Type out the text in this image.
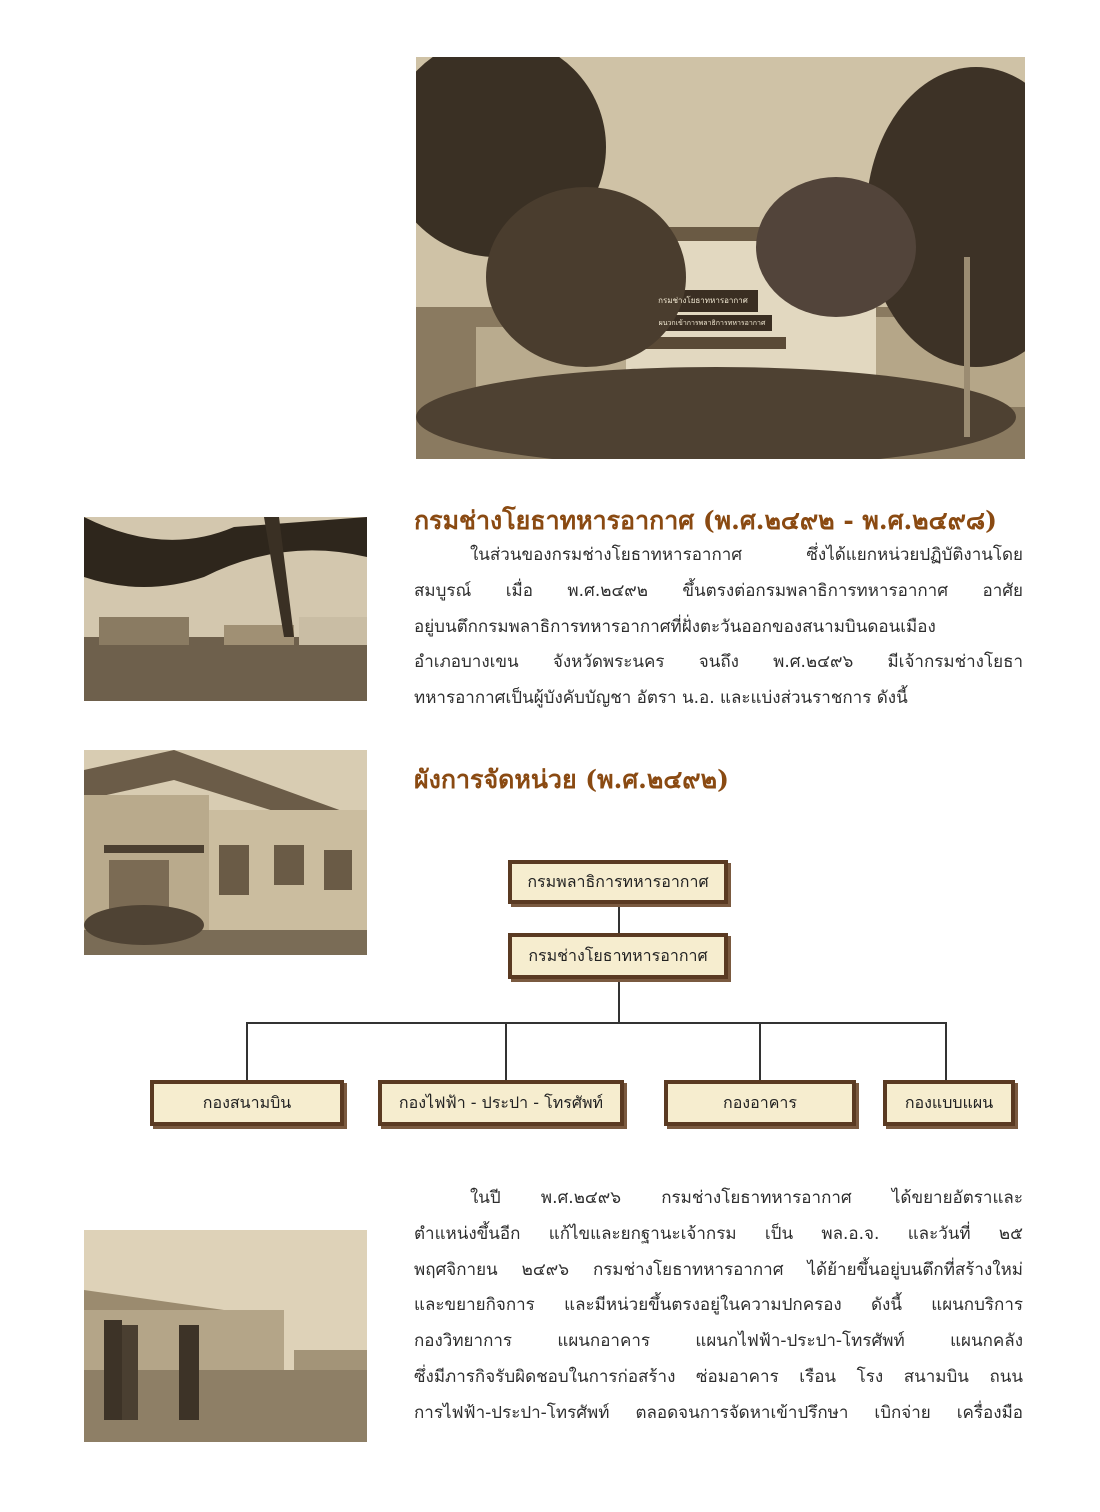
กรมช่างโยธาทหารอากาศ
ผนวกเข้าการพลาธิการทหารอากาศ
กรมช่างโยธาทหารอากาศ (พ.ศ.๒๔๙๒ - พ.ศ.๒๔๙๘)

ในส่วนของกรมช่างโยธาทหารอากาศ ซึ่งได้แยกหน่วยปฏิบัติงานโดย

สมบูรณ์ เมื่อ พ.ศ.๒๔๙๒ ขึ้นตรงต่อกรมพลาธิการทหารอากาศ อาศัย

อยู่บนตึกกรมพลาธิการทหารอากาศที่ฝั่งตะวันออกของสนามบินดอนเมือง

อำเภอบางเขน จังหวัดพระนคร จนถึง พ.ศ.๒๔๙๖ มีเจ้ากรมช่างโยธา

ทหารอากาศเป็นผู้บังคับบัญชา อัตรา น.อ. และแบ่งส่วนราชการ ดังนี้

ผังการจัดหน่วย (พ.ศ.๒๔๙๒)
กรมพลาธิการทหารอากาศ
กรมช่างโยธาทหารอากาศ
กองสนามบิน	กองไฟฟ้า - ประปา - โทรศัพท์	กองอาคาร	กองแบบแผน

ในปี พ.ศ.๒๔๙๖ กรมช่างโยธาทหารอากาศ ได้ขยายอัตราและ

ตำแหน่งขึ้นอีก แก้ไขและยกฐานะเจ้ากรม เป็น พล.อ.จ. และวันที่ ๒๕

พฤศจิกายน ๒๔๙๖ กรมช่างโยธาทหารอากาศ ได้ย้ายขึ้นอยู่บนตึกที่สร้างใหม่

และขยายกิจการ และมีหน่วยขึ้นตรงอยู่ในความปกครอง ดังนี้ แผนกบริการ

กองวิทยาการ แผนกอาคาร แผนกไฟฟ้า-ประปา-โทรศัพท์ แผนกคลัง

ซึ่งมีภารกิจรับผิดชอบในการก่อสร้าง ซ่อมอาคาร เรือน โรง สนามบิน ถนน

การไฟฟ้า-ประปา-โทรศัพท์ ตลอดจนการจัดหาเข้าปรึกษา เบิกจ่าย เครื่องมือ
